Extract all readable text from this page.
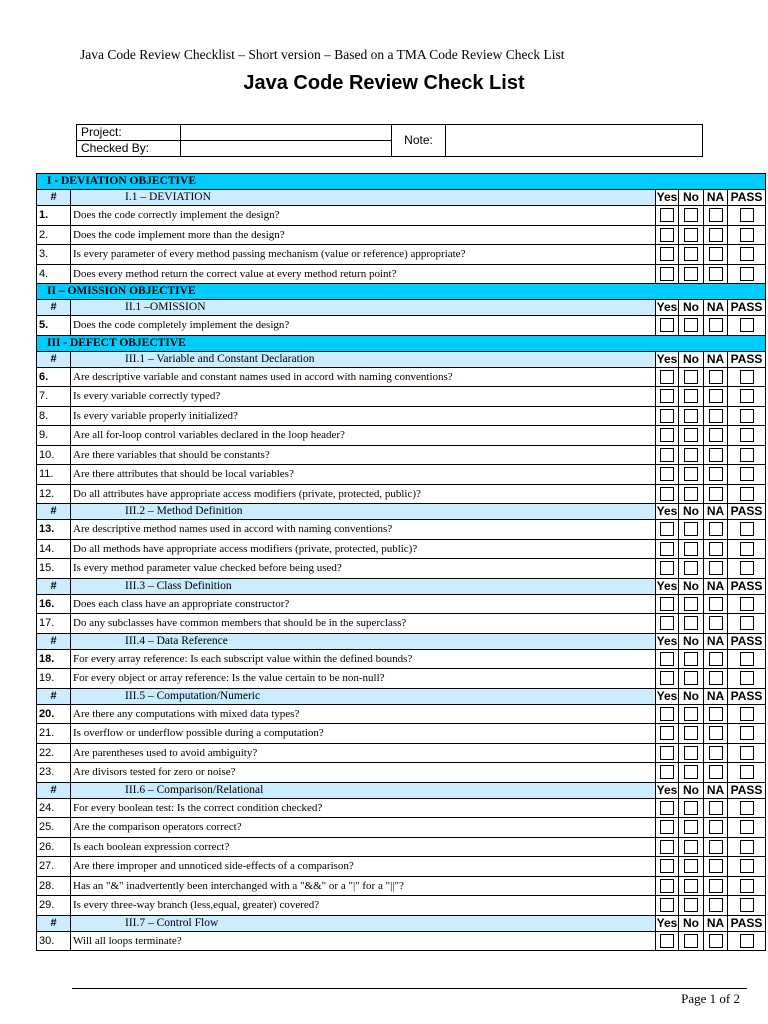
Java Code Review Checklist – Short version – Based on a TMA Code Review Check List
Java Code Review Check List
Project:		Note:	
Checked By:			
I - DEVIATION OBJECTIVE					
#	I.1 – DEVIATION	Yes	No	NA	PASS
1.	Does the code correctly implement the design?				
2.	Does the code implement more than the design?				
3.	Is every parameter of every method passing mechanism (value or reference) appropriate?				
4.	Does every method return the correct value at every method return point?				
II – OMISSION OBJECTIVE					
#	II.1 –OMISSION	Yes	No	NA	PASS
5.	Does the code completely implement the design?				
III - DEFECT OBJECTIVE					
#	III.1 – Variable and Constant Declaration	Yes	No	NA	PASS
6.	Are descriptive variable and constant names used in accord with naming conventions?				
7.	Is every variable correctly typed?				
8.	Is every variable properly initialized?				
9.	Are all for-loop control variables declared in the loop header?				
10.	Are there variables that should be constants?				
11.	Are there attributes that should be local variables?				
12.	Do all attributes have appropriate access modifiers (private, protected, public)?				
#	III.2 – Method Definition	Yes	No	NA	PASS
13.	Are descriptive method names used in accord with naming conventions?				
14.	Do all methods have appropriate access modifiers (private, protected, public)?				
15.	Is every method parameter value checked before being used?				
#	III.3 – Class Definition	Yes	No	NA	PASS
16.	Does each class have an appropriate constructor?				
17.	Do any subclasses have common members that should be in the superclass?				
#	III.4 – Data Reference	Yes	No	NA	PASS
18.	For every array reference: Is each subscript value within the defined bounds?				
19.	For every object or array reference: Is the value certain to be non-null?				
#	III.5 – Computation/Numeric	Yes	No	NA	PASS
20.	Are there any computations with mixed data types?				
21.	Is overflow or underflow possible during a computation?				
22.	Are parentheses used to avoid ambiguity?				
23.	Are divisors tested for zero or noise?				
#	III.6 – Comparison/Relational	Yes	No	NA	PASS
24.	For every boolean test: Is the correct condition checked?				
25.	Are the comparison operators correct?				
26.	Is each boolean expression correct?				
27.	Are there improper and unnoticed side-effects of a comparison?				
28.	Has an "&" inadvertently been interchanged with a "&&" or a "|" for a "||"?				
29.	Is every three-way branch (less,equal, greater) covered?				
#	III.7 – Control Flow	Yes	No	NA	PASS
30.	Will all loops terminate?				
Page 1 of 2
